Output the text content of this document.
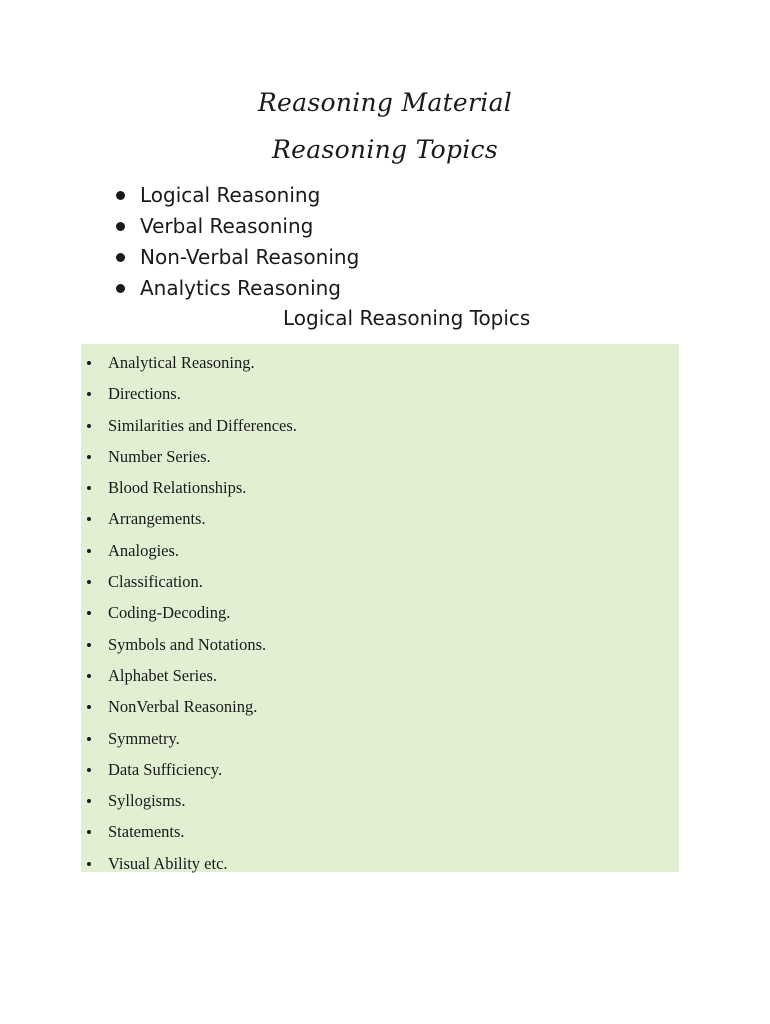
Reasoning Material
Reasoning Topics
Logical Reasoning
Verbal Reasoning
Non-Verbal Reasoning
Analytics Reasoning
Logical Reasoning Topics
Analytical Reasoning.
Directions.
Similarities and Differences.
Number Series.
Blood Relationships.
Arrangements.
Analogies.
Classification.
Coding-Decoding.
Symbols and Notations.
Alphabet Series.
NonVerbal Reasoning.
Symmetry.
Data Sufficiency.
Syllogisms.
Statements.
Visual Ability etc.
